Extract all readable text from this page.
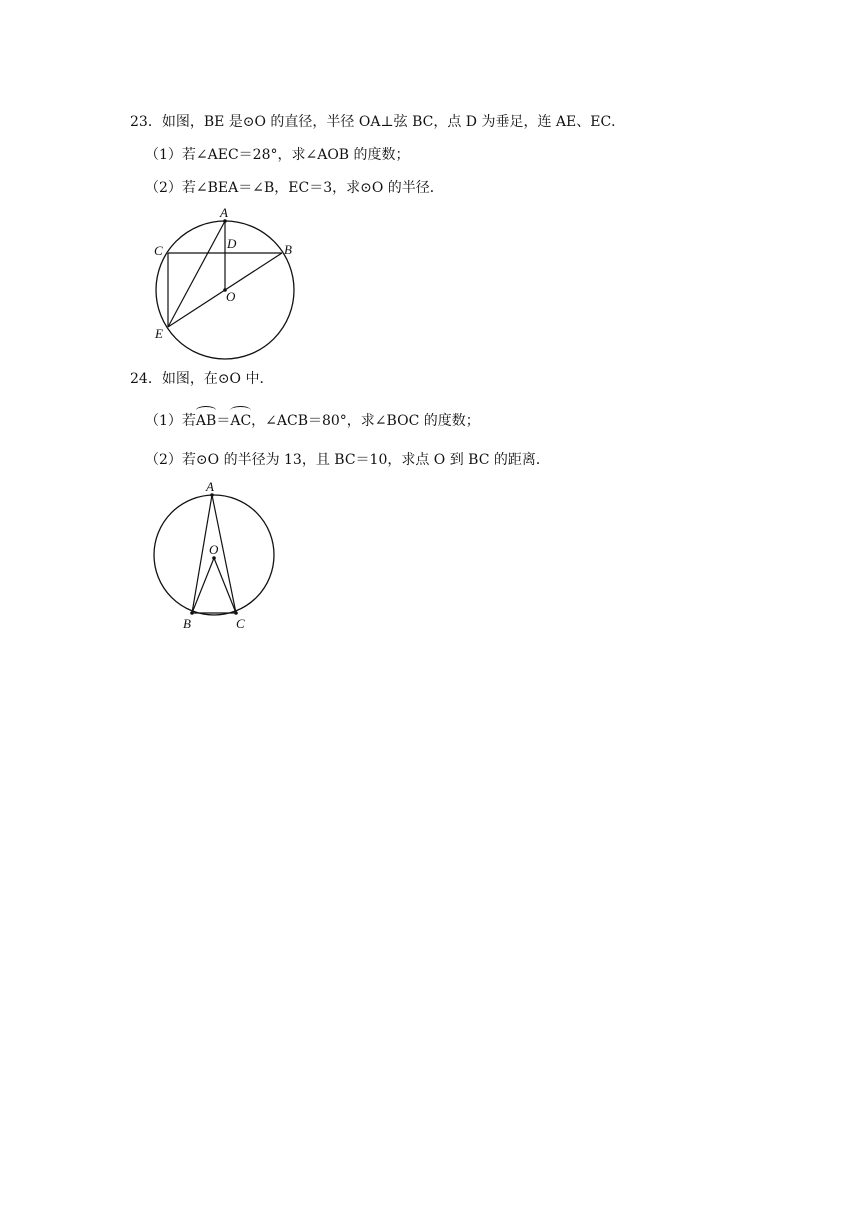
23．如图，BE 是⊙O 的直径，半径 OA⊥弦 BC，点 D 为垂足，连 AE、EC．
（1）若∠AEC＝28°，求∠AOB 的度数；
（2）若∠BEA＝∠B，EC＝3，求⊙O 的半径．
A
B
C	D
E
O
24．如图，在⊙O 中．
（1）若AB＝AC，∠ACB＝80°，求∠BOC 的度数；
（2）若⊙O 的半径为 13，且 BC＝10，求点 O 到 BC 的距离．
A
O
B	C
